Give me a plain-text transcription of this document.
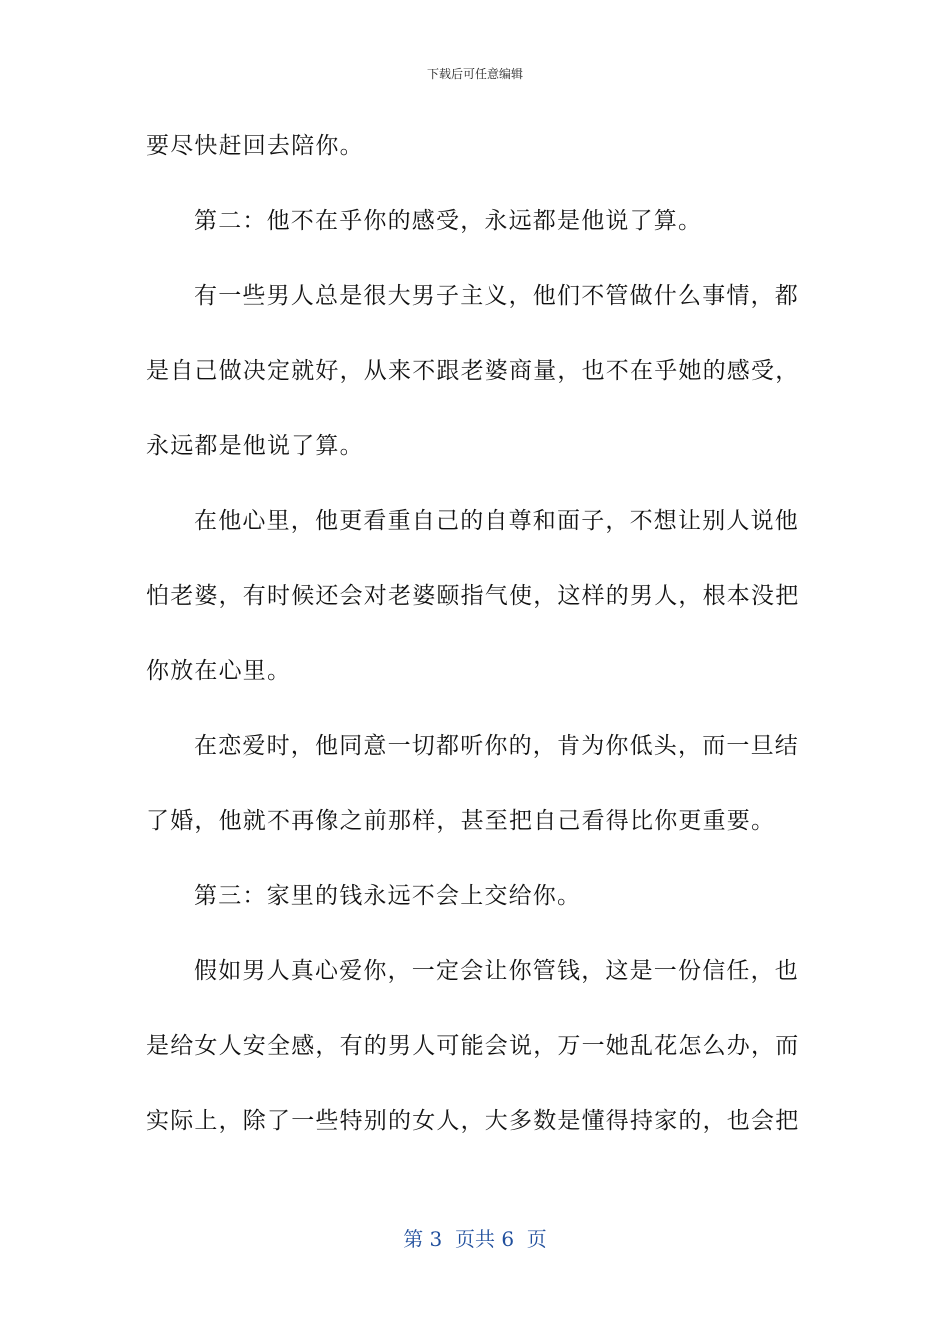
下载后可任意编辑
要尽快赶回去陪你。
第二：他不在乎你的感受，永远都是他说了算。
有一些男人总是很大男子主义，他们不管做什么事情，都
是自己做决定就好，从来不跟老婆商量，也不在乎她的感受，
永远都是他说了算。
在他心里，他更看重自己的自尊和面子，不想让别人说他
怕老婆，有时候还会对老婆颐指气使，这样的男人，根本没把
你放在心里。
在恋爱时，他同意一切都听你的，肯为你低头，而一旦结
了婚，他就不再像之前那样，甚至把自己看得比你更重要。
第三：家里的钱永远不会上交给你。
假如男人真心爱你，一定会让你管钱，这是一份信任，也
是给女人安全感，有的男人可能会说，万一她乱花怎么办，而
实际上，除了一些特别的女人，大多数是懂得持家的，也会把
第 3  页共 6  页
